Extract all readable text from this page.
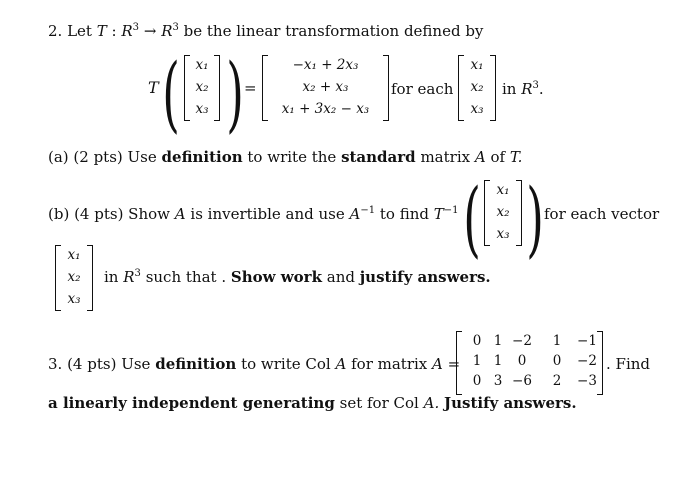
2. Let T : $R^3 \to R^3$ be the linear transformation defined by
T (	x₁
x₂
x₃ ) =
−x₁ + 2x₃
x₂ + x₃
x₁ + 3x₂ − x₃
for each
x₁
x₂
x₃
in $R^3$.
(a) (2 pts) Use definition to write the standard matrix A of T.
(b) (4 pts) Show A is invertible and use $A^{-1}$ to find $T^{-1}$ (	x₁
x₂
x₃ ) for each vector
x₁
x₂
x₃
in $R^3$ such that . Show work and justify answers.
3. (4 pts) Use definition to write Col A for matrix A =
0 1 −2	1	−1
1 1	0	0	−2
0 3 −6	2	−3
. Find
a linearly independent generating set for Col A. Justify answers.
